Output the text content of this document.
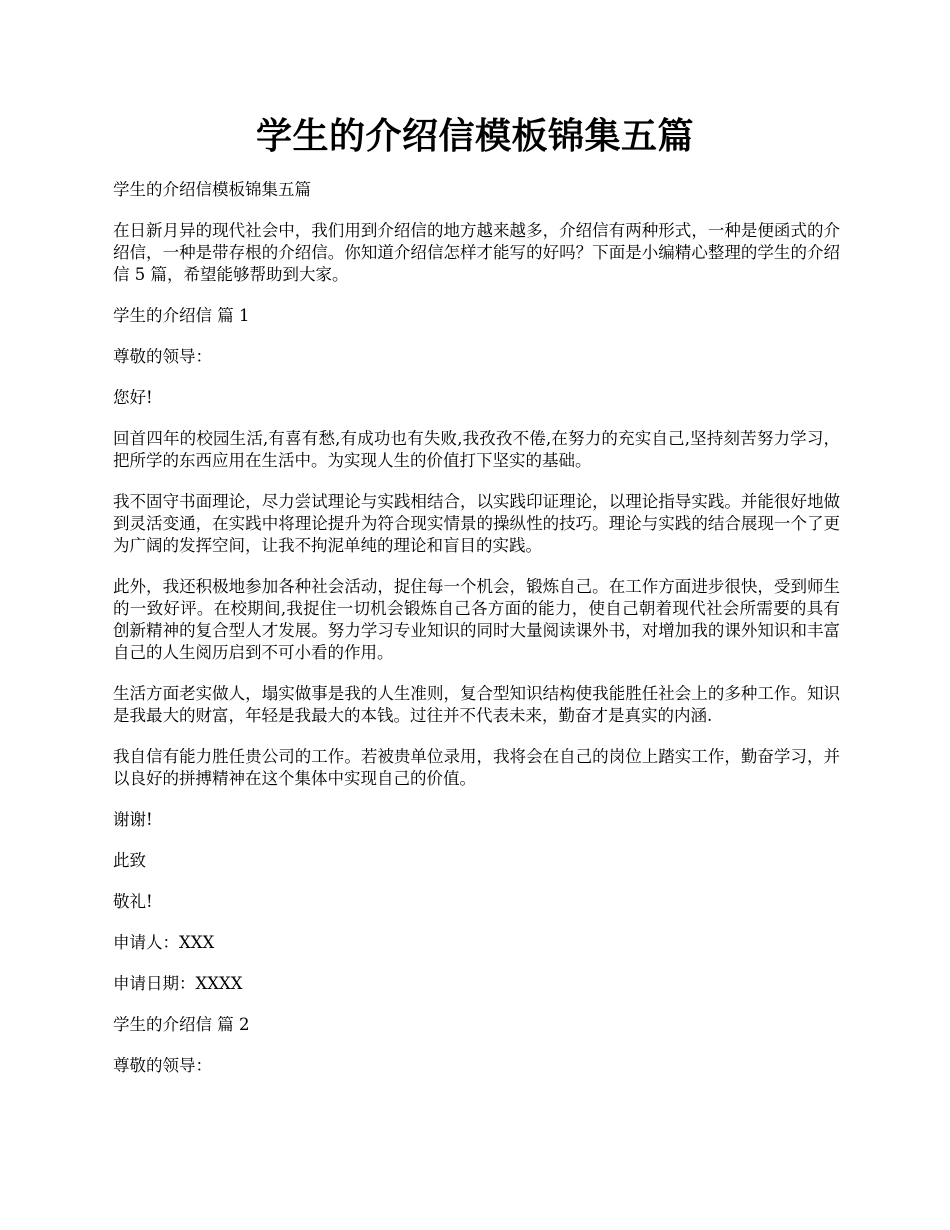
学生的介绍信模板锦集五篇

学生的介绍信模板锦集五篇

在日新月异的现代社会中，我们用到介绍信的地方越来越多，介绍信有两种形式，一种是便函式的介绍信，一种是带存根的介绍信。你知道介绍信怎样才能写的好吗？下面是小编精心整理的学生的介绍信 5 篇，希望能够帮助到大家。

学生的介绍信 篇 1

尊敬的领导：

您好!

回首四年的校园生活,有喜有愁,有成功也有失败,我孜孜不倦,在努力的充实自己,坚持刻苦努力学习，把所学的东西应用在生活中。为实现人生的价值打下坚实的基础。

我不固守书面理论，尽力尝试理论与实践相结合，以实践印证理论，以理论指导实践。并能很好地做到灵活变通，在实践中将理论提升为符合现实情景的操纵性的技巧。理论与实践的结合展现一个了更为广阔的发挥空间，让我不拘泥单纯的理论和盲目的实践。

此外，我还积极地参加各种社会活动，捉住每一个机会，锻炼自己。在工作方面进步很快，受到师生的一致好评。在校期间,我捉住一切机会锻炼自己各方面的能力，使自己朝着现代社会所需要的具有创新精神的复合型人才发展。努力学习专业知识的同时大量阅读课外书，对增加我的课外知识和丰富自己的人生阅历启到不可小看的作用。

生活方面老实做人，塌实做事是我的人生准则，复合型知识结构使我能胜任社会上的多种工作。知识是我最大的财富，年轻是我最大的本钱。过往并不代表未来，勤奋才是真实的内涵.

我自信有能力胜任贵公司的工作。若被贵单位录用，我将会在自己的岗位上踏实工作，勤奋学习，并以良好的拼搏精神在这个集体中实现自己的价值。

谢谢!

此致

敬礼!

申请人：XXX

申请日期：XXXX

学生的介绍信 篇 2

尊敬的领导：
